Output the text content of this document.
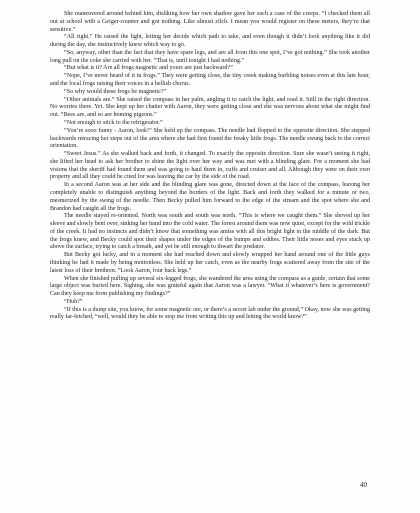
She maneuvered around behind him, disliking how her own shadow gave her such a case of the creeps. “I checked them all out at school with a Geiger-counter and got nothing. Like almost zilch. I mean you would register on these meters, they’re that sensitive.”

“All right.” He raised the light, letting her decide which path to take, and even though it didn’t look anything like it did during the day, she instinctively knew which way to go.

“So, anyway, other than the fact that they have spare legs, and are all from this one spot, I’ve got nothing.” She took another long pull on the coke she carried with her. “That is, until tonight I had nothing.”

“But what is it? Are all frogs magnetic and yours are just backward?”

“Nope, I’ve never heard of it in frogs.” They were getting close, the tiny creek making burbling noises even at this late hour, and the local frogs raising their voices in a hellish chorus.

“So why would these frogs be magnetic?”

“Other animals are.” She raised the compass in her palm, angling it to catch the light, and read it. Still in the right direction. No worries there. Yet. She kept up her chatter with Aaron, they were getting close and she was nervous about what she might find out. “Bees are, and so are homing pigeons.”

“Not enough to stick to the refrigerator.”

“You’re sooo funny - Aaron, look!” She held up the compass. The needle had flopped to the opposite direction. She stepped backwards retracing her steps out of the area where she had first found the freaky little frogs. The needle swung back to the correct orientation.

“Sweet Jesus.” As she walked back and forth, it changed. To exactly the opposite direction. Sure she wasn’t seeing it right, she lifted her head to ask her brother to shine the light over her way and was met with a blinding glare. For a moment she had visions that the sheriff had found them and was going to haul them in, cuffs and cruiser and all. Although they were on their own property and all they could be cited for was leaving the car by the side of the road.

In a second Aaron was at her side and the blinding glare was gone, directed down at the face of the compass, leaving her completely unable to distinguish anything beyond the borders of the light. Back and forth they walked for a minute or two, mesmerized by the swing of the needle. Then Becky pulled him forward to the edge of the stream and the spot where she and Brandon had caught all the frogs.

The needle stayed re-oriented. North was south and south was north. “This is where we caught them.” She shoved up her sleeve and slowly bent over, sinking her hand into the cold water. The forest around them was now quiet, except for the wild trickle of the creek. It had no instincts and didn’t know that something was amiss with all this bright light in the middle of the dark. But the frogs knew, and Becky could spot their shapes under the edges of the bumps and eddies. Their little noses and eyes stuck up above the surface, trying to catch a breath, and yet be still enough to thwart the predator.

But Becky got lucky, and in a moment she had reached down and slowly wrapped her hand around one of the little guys thinking he had it made by being motionless. She held up her catch, even as the nearby frogs scattered away from the site of the latest loss of their brethren. “Look Aaron, four back legs.”

When she finished pulling up several six-legged frogs, she wandered the area using the compass as a guide, certain that some large object was buried here. Sighing, she was grateful again that Aaron was a lawyer. “What if whatever’s here is government? Can they keep me from publishing my findings?”

“Huh?”

“If this is a dump site, you know, for some magnetic ore, or there’s a secret lab under the ground,” Okay, now she was getting really far-fetched, “well, would they be able to stop me from writing this up and letting the world know?”

40
